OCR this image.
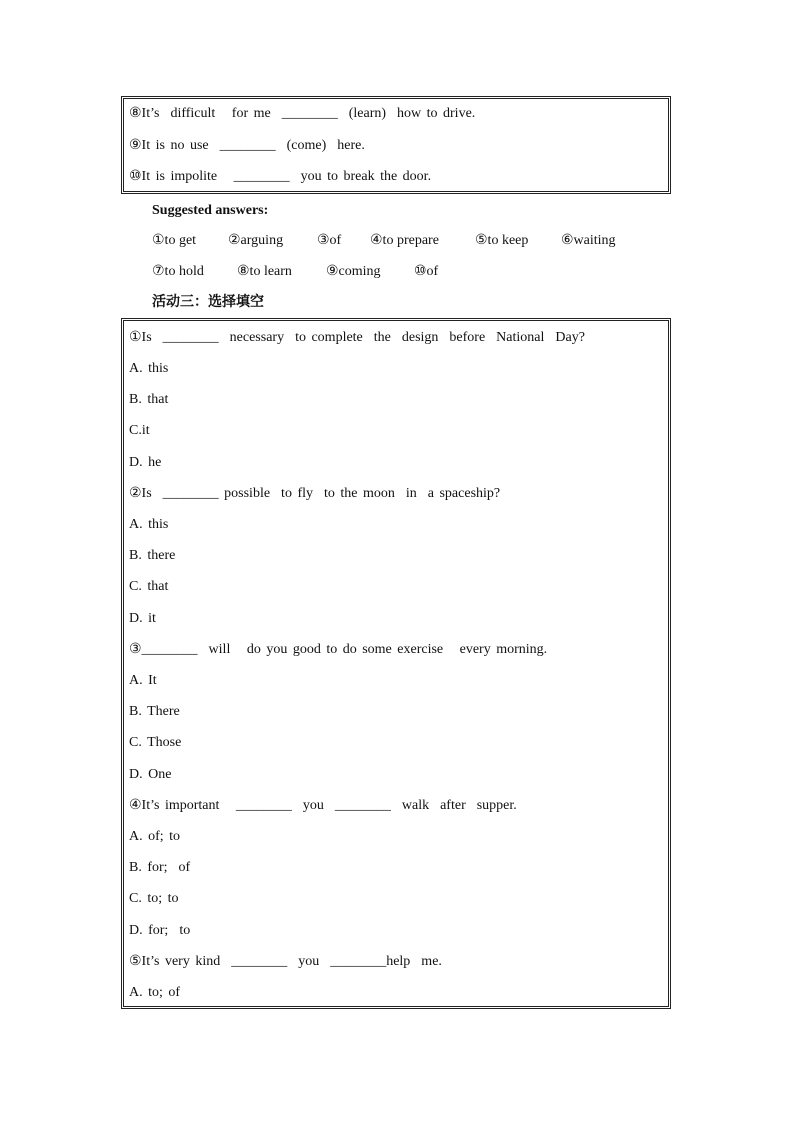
⑧It’s  difficult   for me  ________  (learn)  how to drive.
⑨It is no use  ________  (come)  here.
⑩It is impolite   ________  you to break the door.
Suggested answers:
①to get ②arguing ③of ④to prepare	⑤to keep ⑥waiting
⑦to hold ⑧to learn ⑨coming ⑩of
活动三：选择填空
①Is  ________  necessary  to complete  the  design  before  National  Day?
A. this
B. that
C.it
D. he
②Is  ________ possible  to fly  to the moon  in  a spaceship?
A. this
B. there
C. that
D. it
③________  will   do you good to do some exercise   every morning.
A. It
B. There
C. Those
D. One
④It’s important   ________  you  ________  walk  after  supper.
A. of; to
B. for;  of
C. to; to
D. for;  to
⑤It’s very kind  ________  you  ________help  me.
A. to; of
